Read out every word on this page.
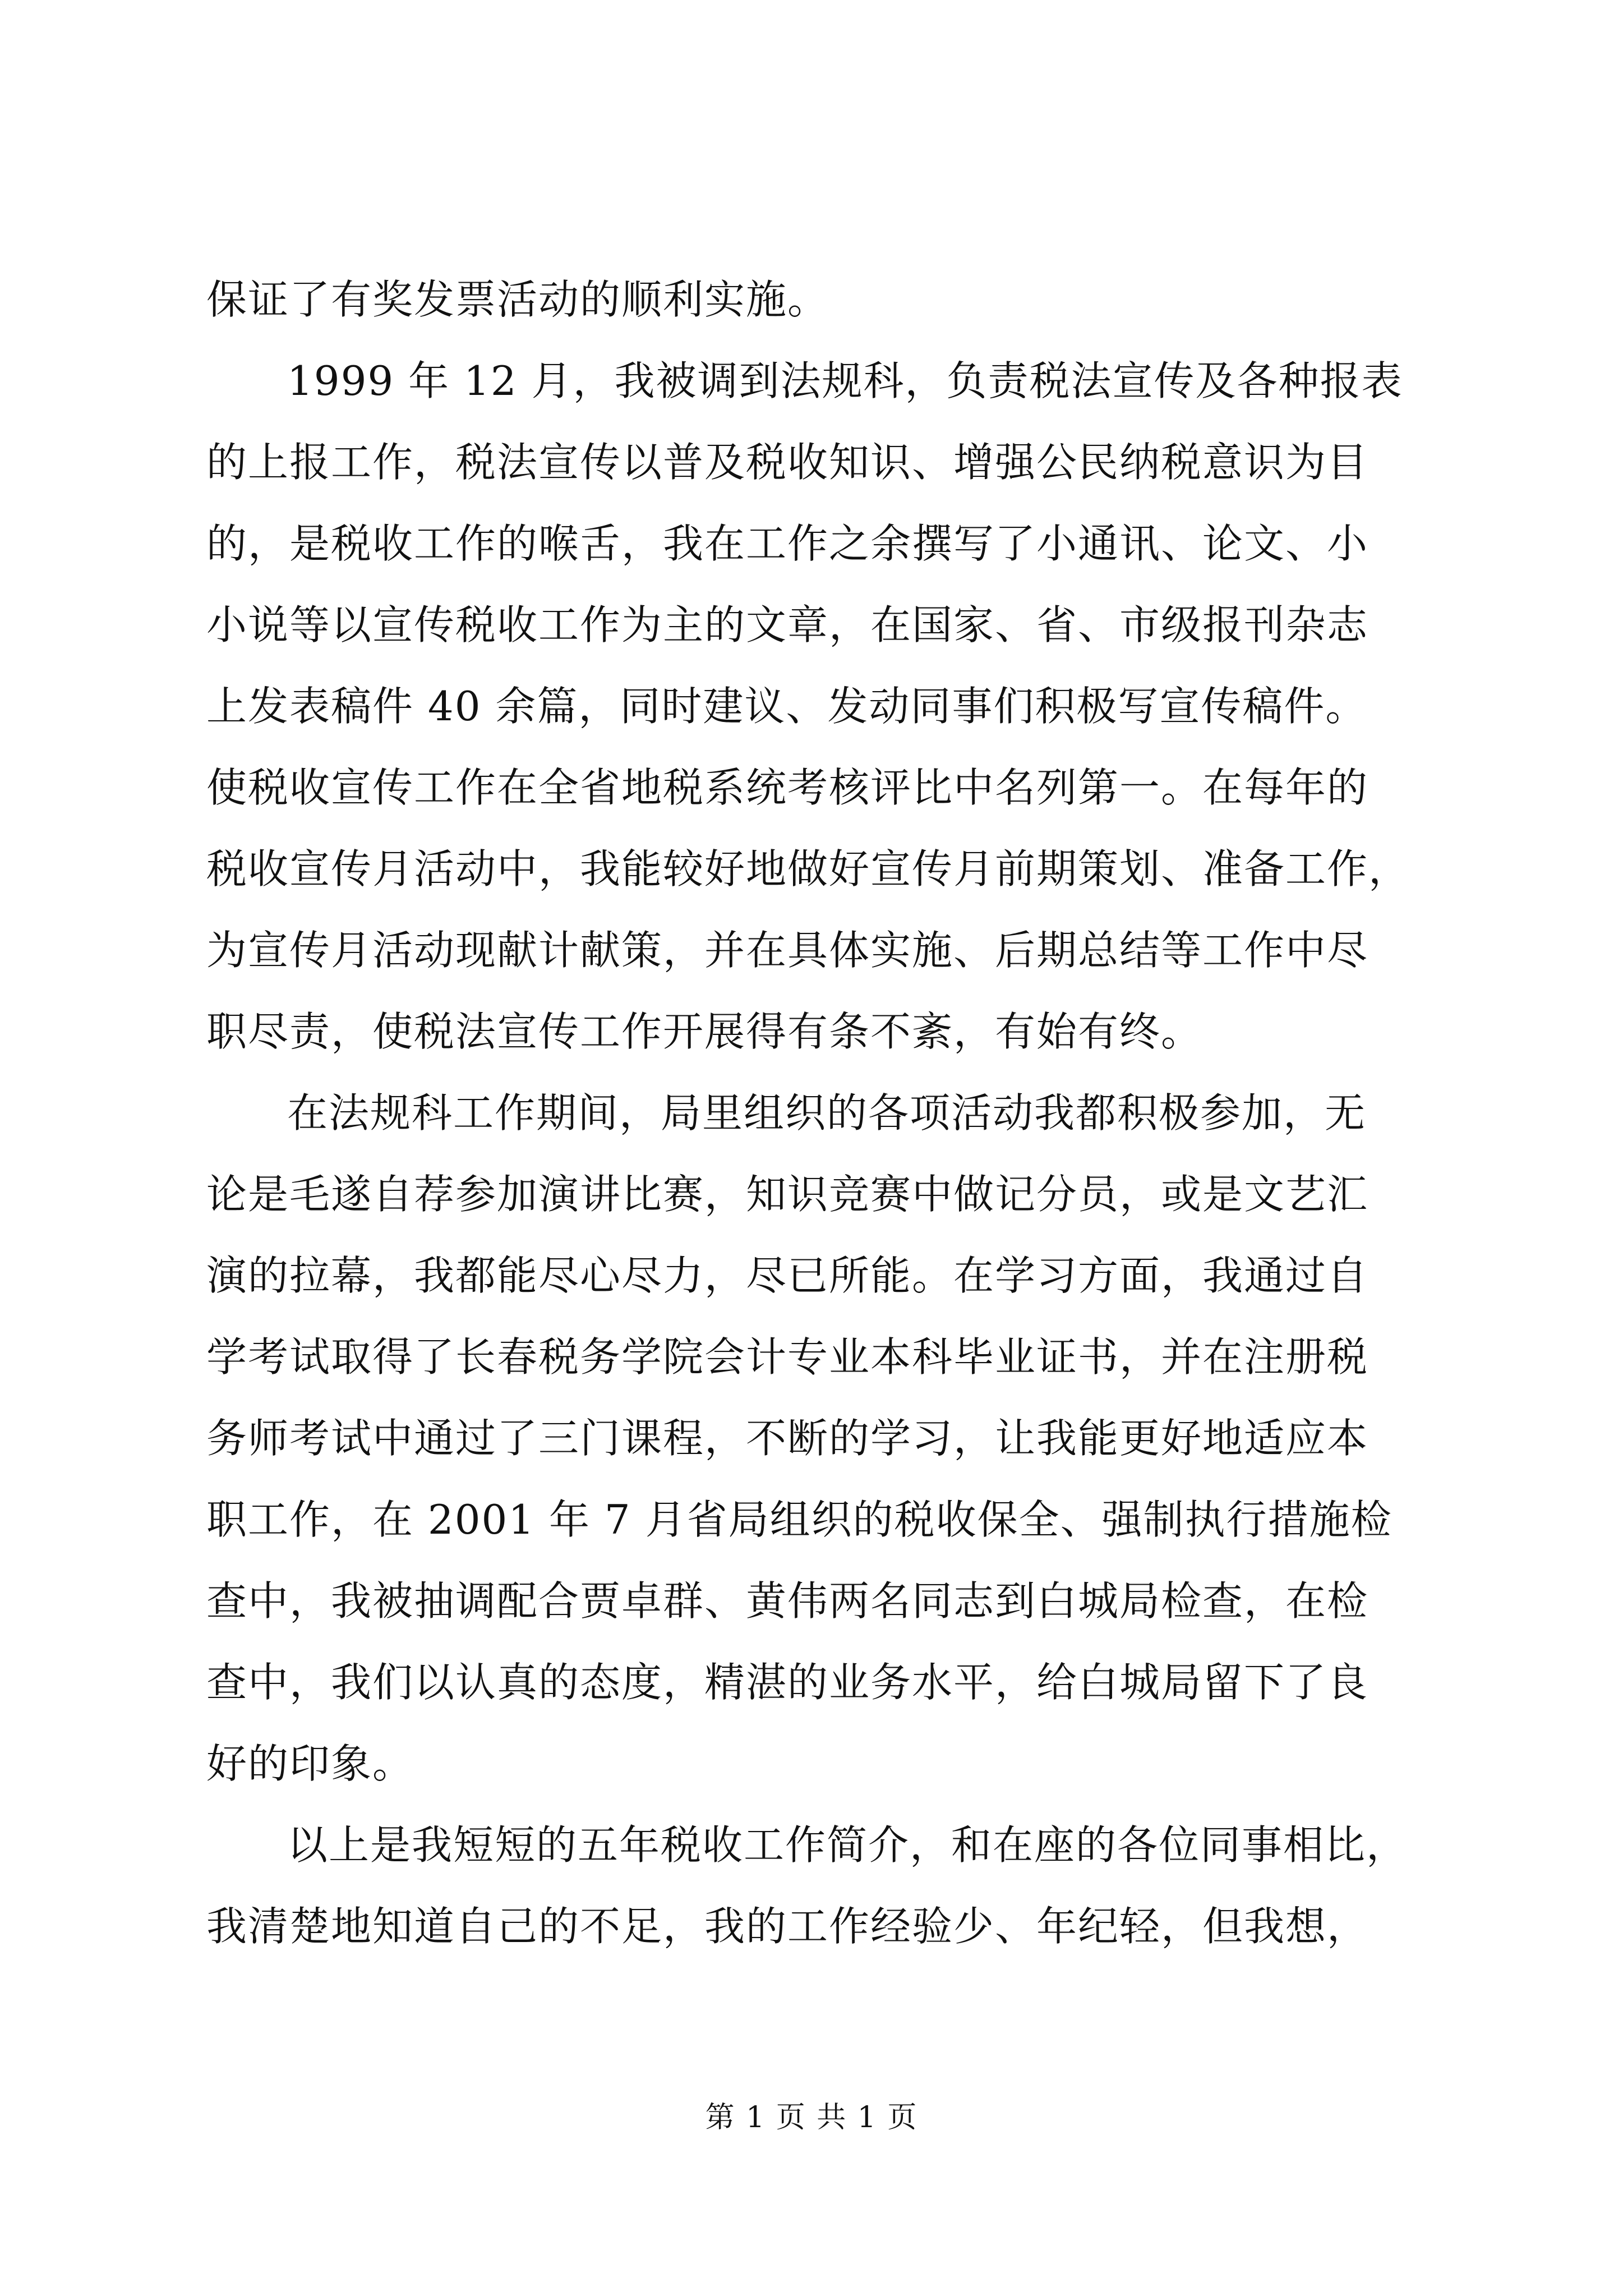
保证了有奖发票活动的顺利实施。
1999 年 12 月，我被调到法规科，负责税法宣传及各种报表
的上报工作，税法宣传以普及税收知识、增强公民纳税意识为目
的，是税收工作的喉舌，我在工作之余撰写了小通讯、论文、小
小说等以宣传税收工作为主的文章，在国家、省、市级报刊杂志
上发表稿件 40 余篇，同时建议、发动同事们积极写宣传稿件。
使税收宣传工作在全省地税系统考核评比中名列第一。在每年的
税收宣传月活动中，我能较好地做好宣传月前期策划、准备工作，
为宣传月活动现献计献策，并在具体实施、后期总结等工作中尽
职尽责，使税法宣传工作开展得有条不紊，有始有终。
在法规科工作期间，局里组织的各项活动我都积极参加，无
论是毛遂自荐参加演讲比赛，知识竞赛中做记分员，或是文艺汇
演的拉幕，我都能尽心尽力，尽已所能。在学习方面，我通过自
学考试取得了长春税务学院会计专业本科毕业证书，并在注册税
务师考试中通过了三门课程，不断的学习，让我能更好地适应本
职工作，在 2001 年 7 月省局组织的税收保全、强制执行措施检
查中，我被抽调配合贾卓群、黄伟两名同志到白城局检查，在检
查中，我们以认真的态度，精湛的业务水平，给白城局留下了良
好的印象。
以上是我短短的五年税收工作简介，和在座的各位同事相比，
我清楚地知道自己的不足，我的工作经验少、年纪轻，但我想，
第 1 页 共 1 页
